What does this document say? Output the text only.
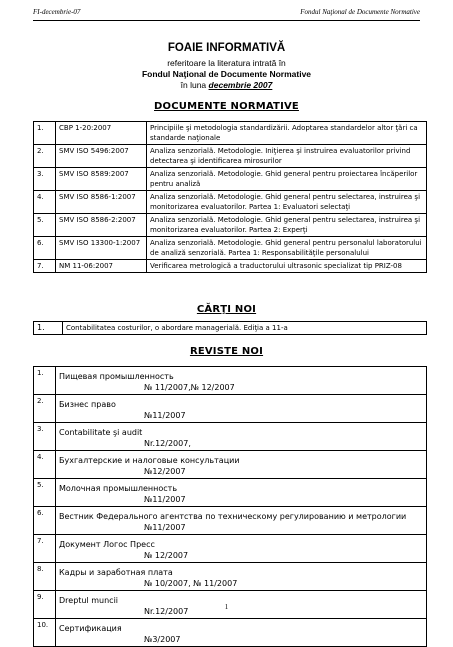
FI-decembrie-07	Fondul Naţional de Documente Normative
FOAIE INFORMATIVĂ
referitoare la literatura intrată în
Fondul Naţional de Documente Normative
în luna decembrie 2007
DOCUMENTE NORMATIVE
1.	CBP 1-20:2007	Principiile şi metodologia standardizării. Adoptarea standardelor altor ţări ca standarde naţionale
2.	SMV ISO 5496:2007	Analiza senzorială. Metodologie. Iniţierea şi instruirea evaluatorilor privind detectarea şi identificarea mirosurilor
3.	SMV ISO 8589:2007	Analiza senzorială. Metodologie. Ghid general pentru proiectarea încăperilor pentru analiză
4.	SMV ISO 8586-1:2007	Analiza senzorială. Metodologie. Ghid general pentru selectarea, instruirea şi monitorizarea evaluatorilor. Partea 1: Evaluatori selectaţi
5.	SMV ISO 8586-2:2007	Analiza senzorială. Metodologie. Ghid general pentru selectarea, instruirea şi monitorizarea evaluatorilor. Partea 2: Experţi
6.	SMV ISO 13300-1:2007	Analiza senzorială. Metodologie. Ghid general pentru personalul laboratorului de analiză senzorială. Partea 1: Responsabilităţile personalului
7.	NM 11-06:2007	Verificarea metrologică a traductorului ultrasonic specializat tip PRIZ-08
CĂRŢI NOI
1.	Contabilitatea costurilor, o abordare managerială. Ediţia a 11-a
REVISTE NOI
1.	Пищевая промышленность
№ 11/2007,№ 12/2007

2.	Бизнес право
№11/2007

3.	Contabilitate şi audit
Nr.12/2007,

4.	Бухгалтерские и налоговые консультации
№12/2007

5.	Молочная промышленность
№11/2007

6.	Вестник Федерального агентства по техническому регулированию и метрологии
№11/2007

7.	Документ Логос Пресс
№ 12/2007

8.	Кадры и заработная плата
№ 10/2007, № 11/2007

9.	Dreptul muncii
Nr.12/2007

10.	Сертификация
№3/2007
1
